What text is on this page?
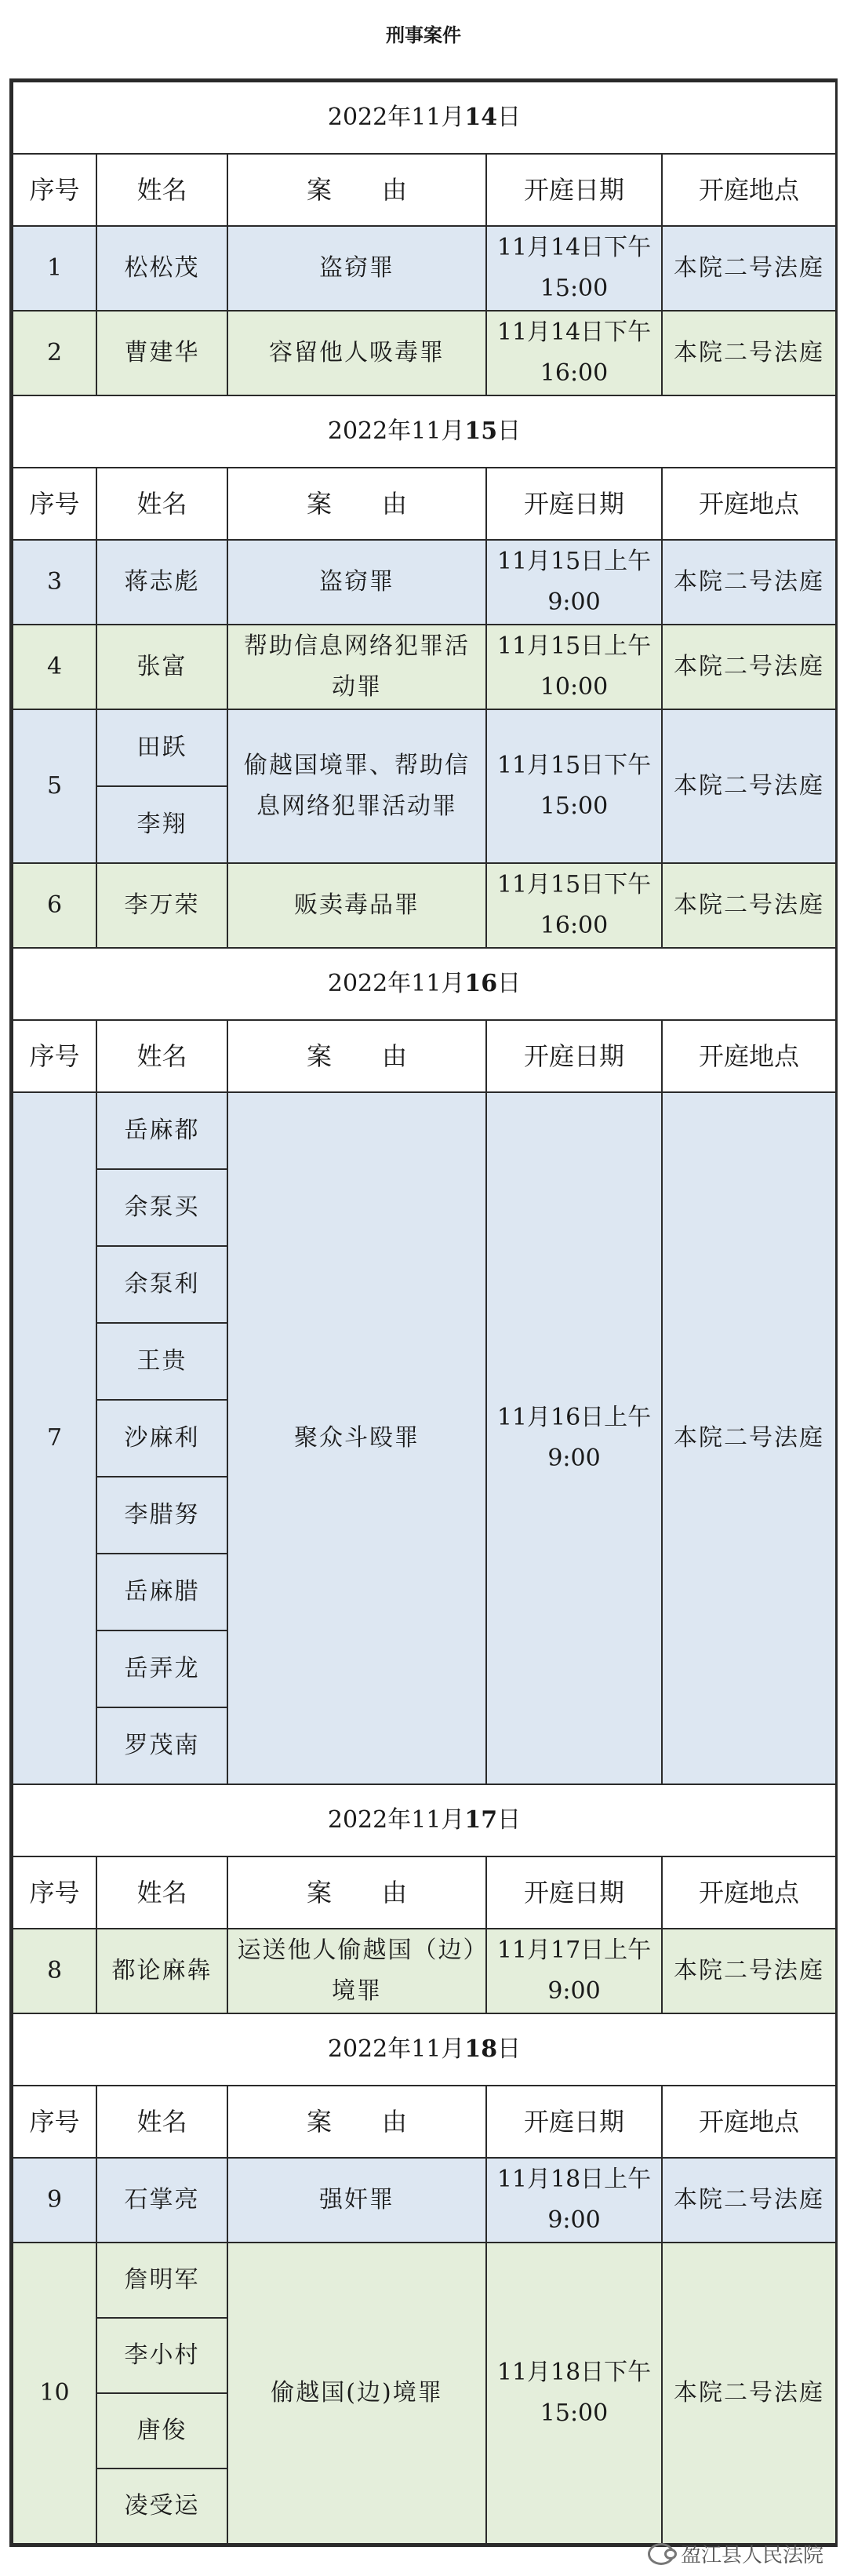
刑事案件
2022年11月14日				
序号	姓名	案　　由	开庭日期	开庭地点
1	松松茂	盗窃罪	11月14日下午15:00	本院二号法庭
2	曹建华	容留他人吸毒罪	11月14日下午16:00	本院二号法庭
2022年11月15日				
序号	姓名	案　　由	开庭日期	开庭地点
3	蒋志彪	盗窃罪	11月15日上午9:00	本院二号法庭
4	张富	帮助信息网络犯罪活动罪	11月15日上午10:00	本院二号法庭
5	田跃	偷越国境罪、帮助信息网络犯罪活动罪	11月15日下午15:00	本院二号法庭
	李翔			
6	李万荣	贩卖毒品罪	11月15日下午16:00	本院二号法庭
2022年11月16日				
序号	姓名	案　　由	开庭日期	开庭地点
7	岳麻都	聚众斗殴罪	11月16日上午9:00	本院二号法庭
	余泵买			
	余泵利			
	王贵			
	沙麻利			
	李腊努			
	岳麻腊			
	岳弄龙			
	罗茂南			
2022年11月17日				
序号	姓名	案　　由	开庭日期	开庭地点
8	都论麻犇	运送他人偷越国（边）境罪	11月17日上午9:00	本院二号法庭
2022年11月18日				
序号	姓名	案　　由	开庭日期	开庭地点
9	石掌亮	强奸罪	11月18日上午9:00	本院二号法庭
10	詹明军	偷越国(边)境罪	11月18日下午15:00	本院二号法庭
	李小村			
	唐俊			
	凌受运			
盈江县人民法院
